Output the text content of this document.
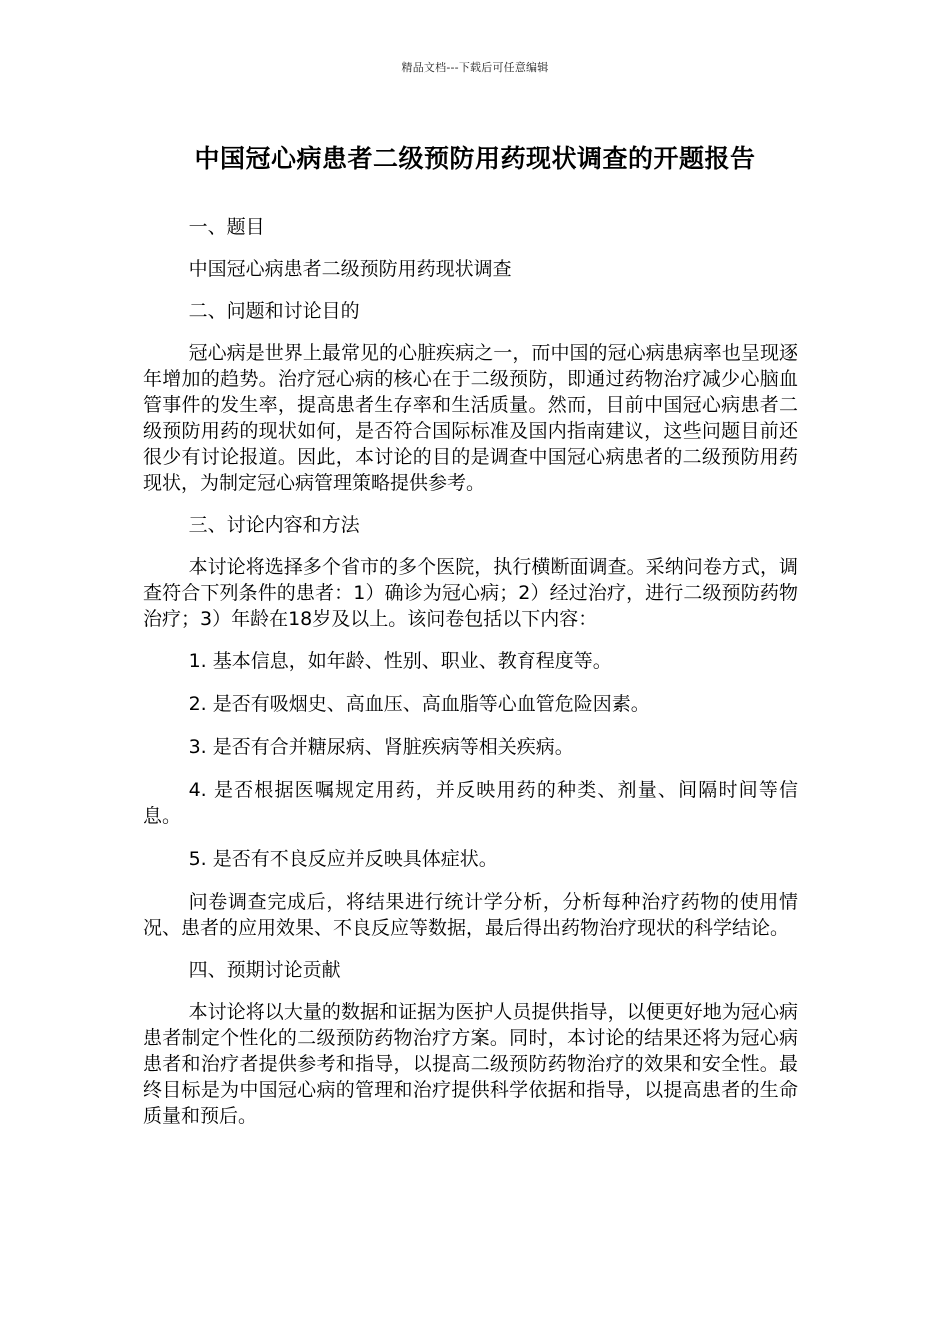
精品文档---下载后可任意编辑
中国冠心病患者二级预防用药现状调查的开题报告

一、题目

中国冠心病患者二级预防用药现状调查

二、问题和讨论目的

冠心病是世界上最常见的心脏疾病之一，而中国的冠心病患病率也呈现逐年增加的趋势。治疗冠心病的核心在于二级预防，即通过药物治疗减少心脑血管事件的发生率，提高患者生存率和生活质量。然而，目前中国冠心病患者二级预防用药的现状如何，是否符合国际标准及国内指南建议，这些问题目前还很少有讨论报道。因此，本讨论的目的是调查中国冠心病患者的二级预防用药现状，为制定冠心病管理策略提供参考。

三、讨论内容和方法

本讨论将选择多个省市的多个医院，执行横断面调查。采纳问卷方式，调查符合下列条件的患者：1）确诊为冠心病；2）经过治疗，进行二级预防药物治疗；3）年龄在18岁及以上。该问卷包括以下内容：

1. 基本信息，如年龄、性别、职业、教育程度等。

2. 是否有吸烟史、高血压、高血脂等心血管危险因素。

3. 是否有合并糖尿病、肾脏疾病等相关疾病。

4. 是否根据医嘱规定用药，并反映用药的种类、剂量、间隔时间等信息。

5. 是否有不良反应并反映具体症状。

问卷调查完成后，将结果进行统计学分析，分析每种治疗药物的使用情况、患者的应用效果、不良反应等数据，最后得出药物治疗现状的科学结论。

四、预期讨论贡献

本讨论将以大量的数据和证据为医护人员提供指导，以便更好地为冠心病患者制定个性化的二级预防药物治疗方案。同时，本讨论的结果还将为冠心病患者和治疗者提供参考和指导，以提高二级预防药物治疗的效果和安全性。最终目标是为中国冠心病的管理和治疗提供科学依据和指导，以提高患者的生命质量和预后。
